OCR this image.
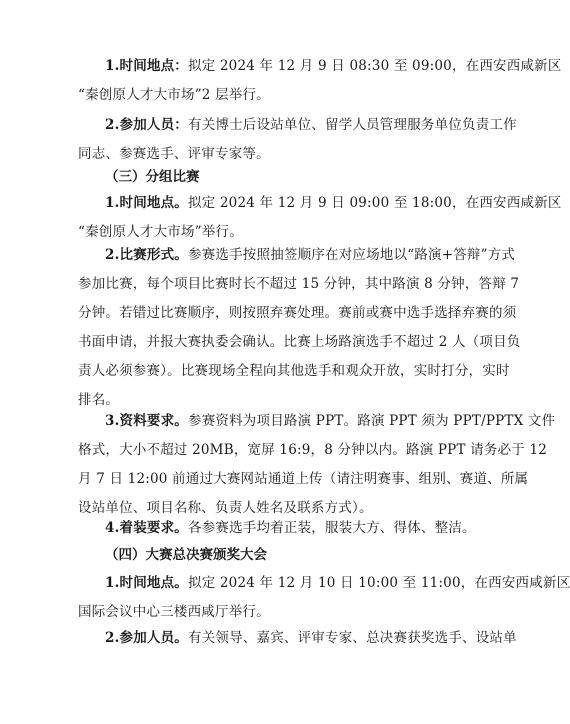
1.时间地点：拟定 2024 年 12 月 9 日 08:30 至 09:00，在西安西咸新区
“秦创原人才大市场”2 层举行。
2.参加人员：有关博士后设站单位、留学人员管理服务单位负责工作
同志、参赛选手、评审专家等。
（三）分组比赛
1.时间地点。拟定 2024 年 12 月 9 日 09:00 至 18:00，在西安西咸新区
“秦创原人才大市场”举行。
2.比赛形式。参赛选手按照抽签顺序在对应场地以“路演+答辩”方式
参加比赛，每个项目比赛时长不超过 15 分钟，其中路演 8 分钟，答辩 7
分钟。若错过比赛顺序，则按照弃赛处理。赛前或赛中选手选择弃赛的须
书面申请，并报大赛执委会确认。比赛上场路演选手不超过 2 人（项目负
责人必须参赛）。比赛现场全程向其他选手和观众开放，实时打分，实时
排名。
3.资料要求。参赛资料为项目路演 PPT。路演 PPT 须为 PPT/PPTX 文件
格式，大小不超过 20MB，宽屏 16:9，8 分钟以内。路演 PPT 请务必于 12
月 7 日 12:00 前通过大赛网站通道上传（请注明赛事、组别、赛道、所属
设站单位、项目名称、负责人姓名及联系方式）。
4.着装要求。各参赛选手均着正装，服装大方、得体、整洁。
（四）大赛总决赛颁奖大会
1.时间地点。拟定 2024 年 12 月 10 日 10:00 至 11:00，在西安西咸新区
国际会议中心三楼西咸厅举行。
2.参加人员。有关领导、嘉宾、评审专家、总决赛获奖选手、设站单
